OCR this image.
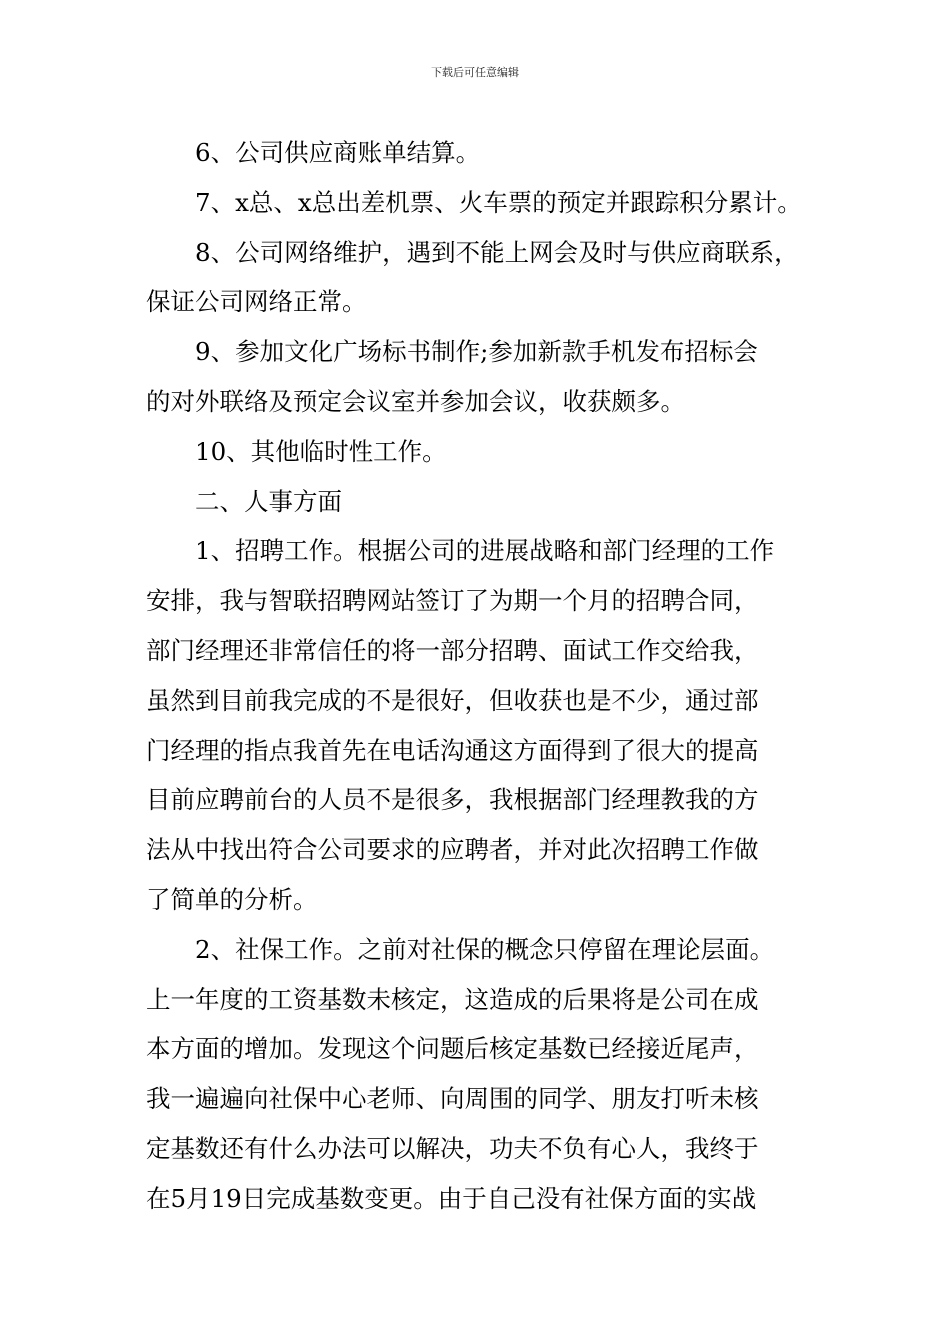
下载后可任意编辑
6、公司供应商账单结算。
7、x总、x总出差机票、火车票的预定并跟踪积分累计。
8、公司网络维护，遇到不能上网会及时与供应商联系，
保证公司网络正常。
9、参加文化广场标书制作;参加新款手机发布招标会
的对外联络及预定会议室并参加会议，收获颇多。
10、其他临时性工作。
二、人事方面
1、招聘工作。根据公司的进展战略和部门经理的工作
安排，我与智联招聘网站签订了为期一个月的招聘合同，
部门经理还非常信任的将一部分招聘、面试工作交给我，
虽然到目前我完成的不是很好，但收获也是不少，通过部
门经理的指点我首先在电话沟通这方面得到了很大的提高
目前应聘前台的人员不是很多，我根据部门经理教我的方
法从中找出符合公司要求的应聘者，并对此次招聘工作做
了简单的分析。
2、社保工作。之前对社保的概念只停留在理论层面。
上一年度的工资基数未核定，这造成的后果将是公司在成
本方面的增加。发现这个问题后核定基数已经接近尾声，
我一遍遍向社保中心老师、向周围的同学、朋友打听未核
定基数还有什么办法可以解决，功夫不负有心人，我终于
在5月19日完成基数变更。由于自己没有社保方面的实战
